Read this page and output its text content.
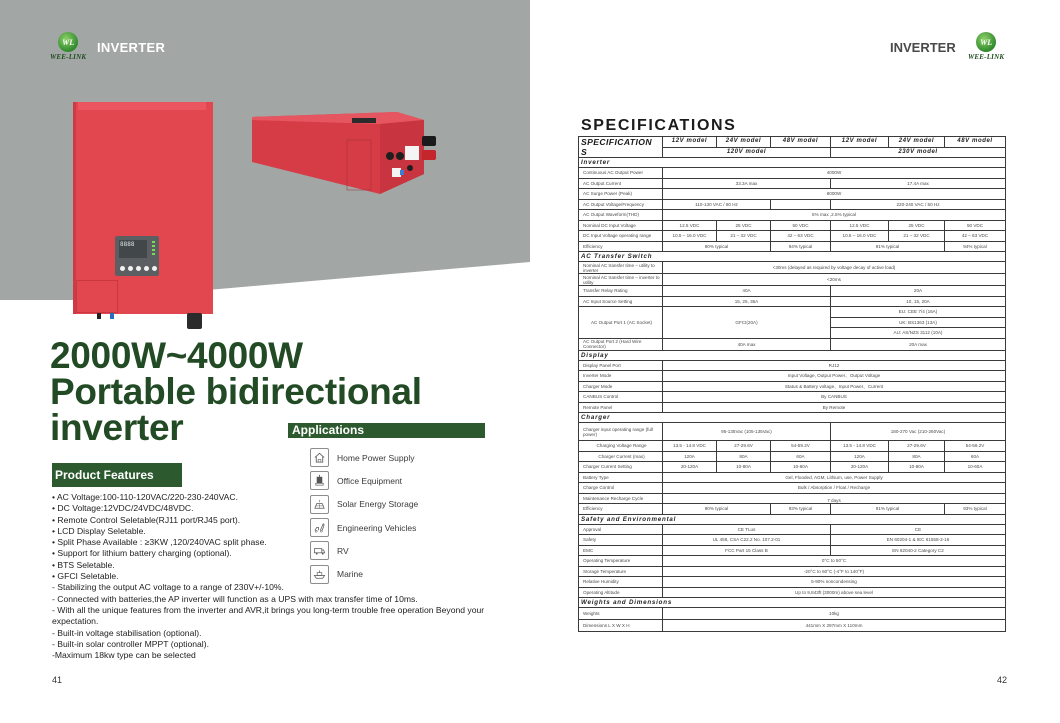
WL
WEE-LINK
INVERTER
8888
2000W~4000W
Portable bidirectional
inverter	Applications
Home Power Supply
Office Equipment
Solar Energy Storage
Engineering Vehicles
RV
Marine
Product Features
• AC Voltage:100-110-120VAC/220-230-240VAC.
• DC Voltage:12VDC/24VDC/48VDC.
• Remote Control Seletable(RJ11 port/RJ45 port).
• LCD Display Seletable.
• Split Phase Available : ≥3KW ,120/240VAC split phase.
• Support for lithium battery charging (optional).
• BTS Seletable.
• GFCI Seletable.
- Stabilizing the output AC voltage to a range of 230V+/-10%.
- Connected with batteries,the AP inverter will function as a UPS with max transfer time of 10ms.
- With all the unique features from the inverter and AVR,it brings you long-term trouble free operation Beyond your expectation.
- Built-in voltage stabilisation (optional).
- Built-in solar controller MPPT (optional).
-Maximum 18kw type can be selected
41
INVERTER	WL
WEE-LINK
SPECIFICATIONS
SPECIFICATION S	12V model	24V model	48V model	12V model	24V model	48V model
	120V model			230V model		
Inverter						
Continuous AC Output Power	4000W					
AC Output Current	33.3A max			17.4A max		
AC Surge Power (Peak)	8000W					
AC Output Voltage/Frequency	110-130 VAC / 60 Hz			220-240 VAC / 50 Hz		
AC Output Waveform(THD)	5% max ,2.5% typical					
Nominal DC Input Voltage	12.5 VDC	25 VDC	50 VDC	12.5 VDC	25 VDC	50 VDC
DC Input Voltage operating range	10.5 – 16.0 VDC	21 – 32 VDC	42 – 63 VDC	10.5 – 16.0 VDC	21 – 32 VDC	42 – 63 VDC
Efficiency	90% typical		94% typical	91% typical		94% typical
AC Transfer Switch						
Nominal AC transfer time – utility to inverter	<30ms (delayed as required by voltage decay of active load)					
Nominal AC transfer time – inverter to utility	<20ms					
Transfer Relay Rating	40A			20A		
AC Input Source Setting	15, 25, 35A			10, 15, 20A		
AC Output Port 1 (AC Socket)	GFCI(20A)			EU: CEE 7/4 (16A)		
				UK: BS1363 (13A)		
				AU: AS/NZS 3112 (10A)		
AC Output Port 2 (Hard Wire Connector)	40A max			20A max		
Display						
Display Panel Port	RJ12					
Inverter Mode	Input Voltage, Output Power、Output Voltage					
Charger Mode	Status & Battery voltage、Input Power、Current					
CANBUS Control	By CANBUS					
Remote Panel	By Remote					
Charger						
Charger input operating range (full power)	95-135Vac (105-135Vac)			180-270 Vac (210-260Vac)		
Charging Voltage Range	13.5 - 14.8 VDC	27-29.6V	54-59.2V	13.5 - 14.8 VDC	27-29.6V	54-59.2V
Charger Current (max)	120A	80A	60A	120A	80A	60A
Charger Current Setting	20-120A	10-80A	10-60A	20-120A	10-80A	10-60A
Battery Type	Gel, Flooded, AGM, Lithium, use, Power Supply					
Charge Control	Bulk / Absorption / Float / Recharge					
Maintenance Recharge Cycle	7 days					
Efficiency	90% typical		93% typical	91% typical		93% typical
Safety and Environmental						
Approval	CE TLus			CE		
Safety	UL 458, CSA C22.2 No. 107.2-01			EN 60204-1 & IEC 61558-2-16		
EMC	FCC Part 15 Class B			EN 62040-2 Category C2		
Operating Temperature	0°C to 50°C					
Storage Temperature	-20°C to 60°C (-4°F to 140°F)					
Relative Humidity	5-90% noncondensing					
Operating Altitude	Up to 9,843ft (3000m) above sea level					
Weights and Dimensions						
Weights	10kg					
Dimensions L X W X H	441mm X 297mm X 110mm					
42
